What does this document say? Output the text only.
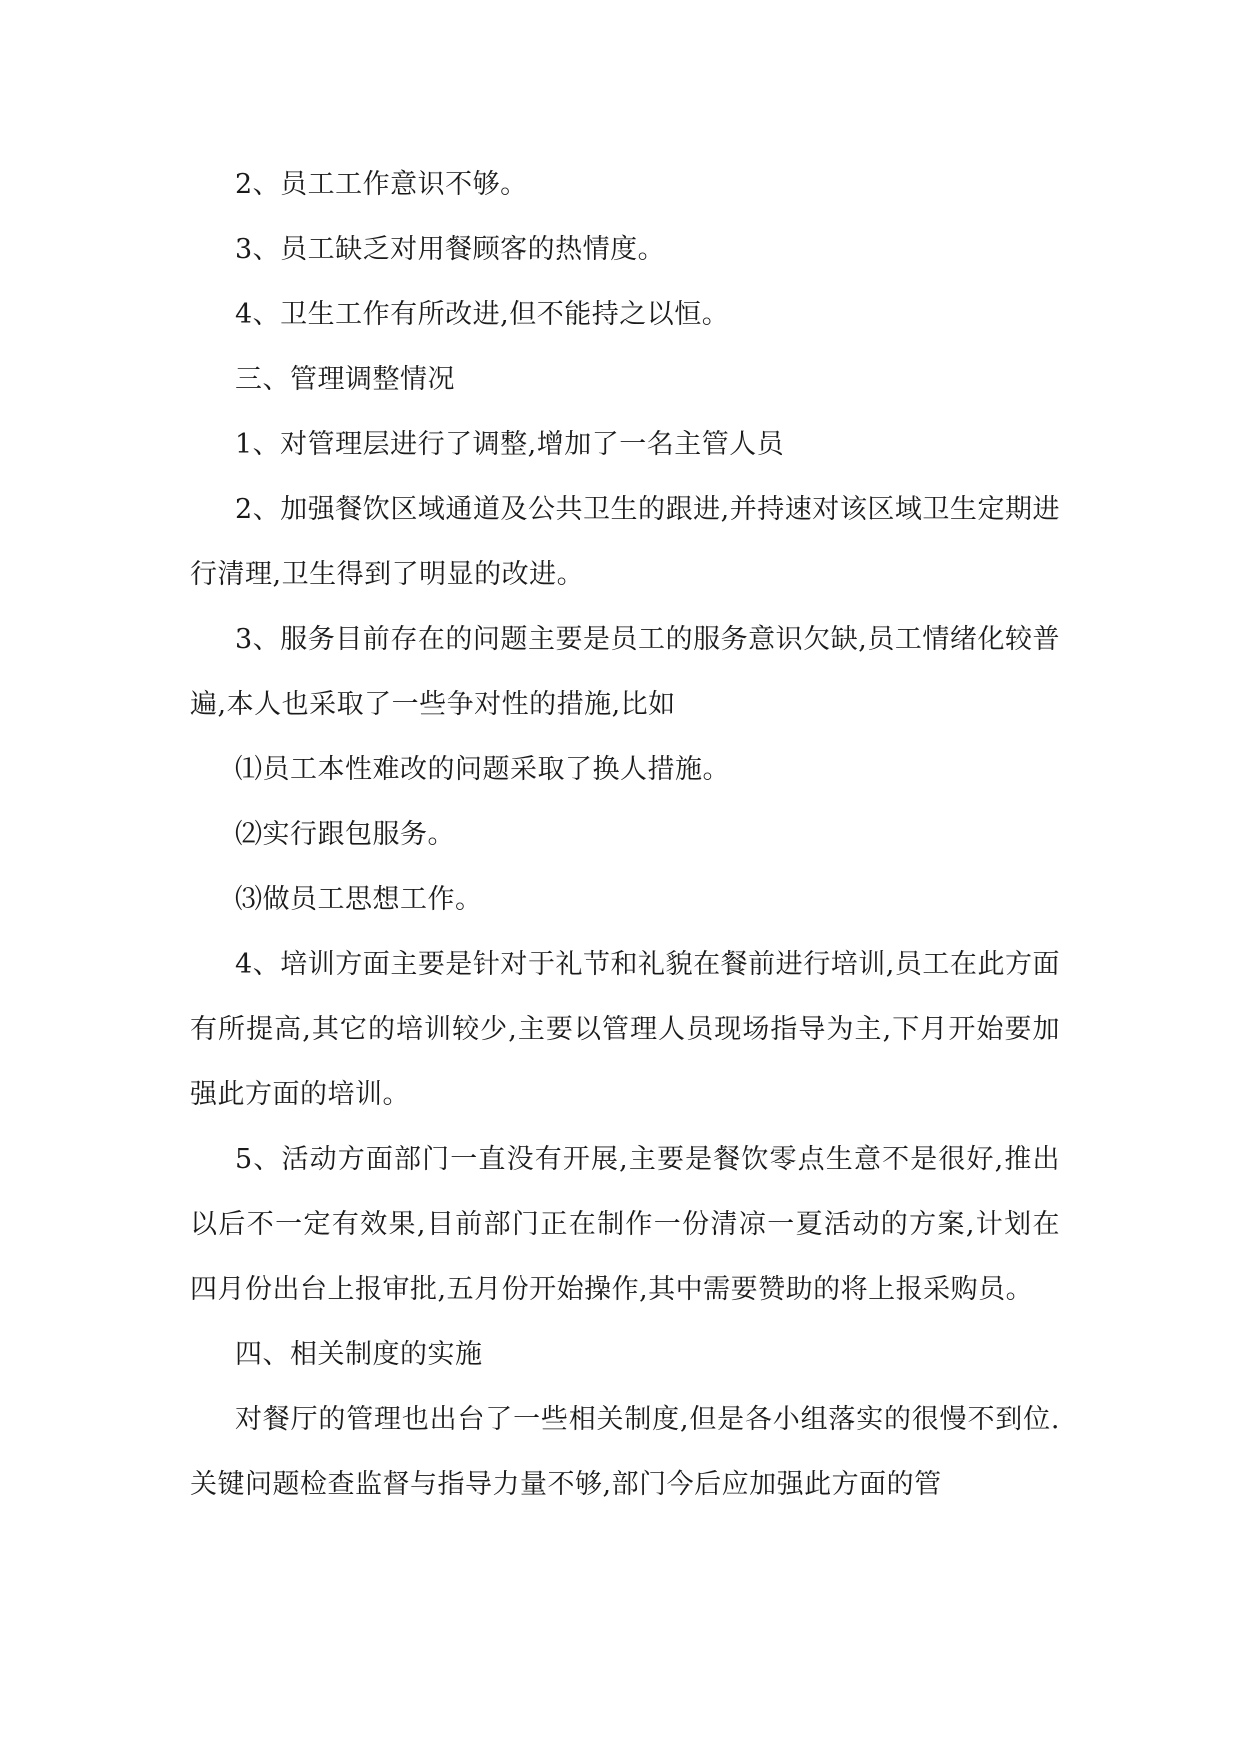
2、员工工作意识不够。

3、员工缺乏对用餐顾客的热情度。

4、卫生工作有所改进,但不能持之以恒。

三、管理调整情况

1、对管理层进行了调整,增加了一名主管人员

2、加强餐饮区域通道及公共卫生的跟进,并持速对该区域卫生定期进行清理,卫生得到了明显的改进。

3、服务目前存在的问题主要是员工的服务意识欠缺,员工情绪化较普遍,本人也采取了一些争对性的措施,比如

⑴员工本性难改的问题采取了换人措施。

⑵实行跟包服务。

⑶做员工思想工作。

4、培训方面主要是针对于礼节和礼貌在餐前进行培训,员工在此方面有所提高,其它的培训较少,主要以管理人员现场指导为主,下月开始要加强此方面的培训。

5、活动方面部门一直没有开展,主要是餐饮零点生意不是很好,推出以后不一定有效果,目前部门正在制作一份清凉一夏活动的方案,计划在四月份出台上报审批,五月份开始操作,其中需要赞助的将上报采购员。

四、相关制度的实施

对餐厅的管理也出台了一些相关制度,但是各小组落实的很慢不到位.关键问题检查监督与指导力量不够,部门今后应加强此方面的管
